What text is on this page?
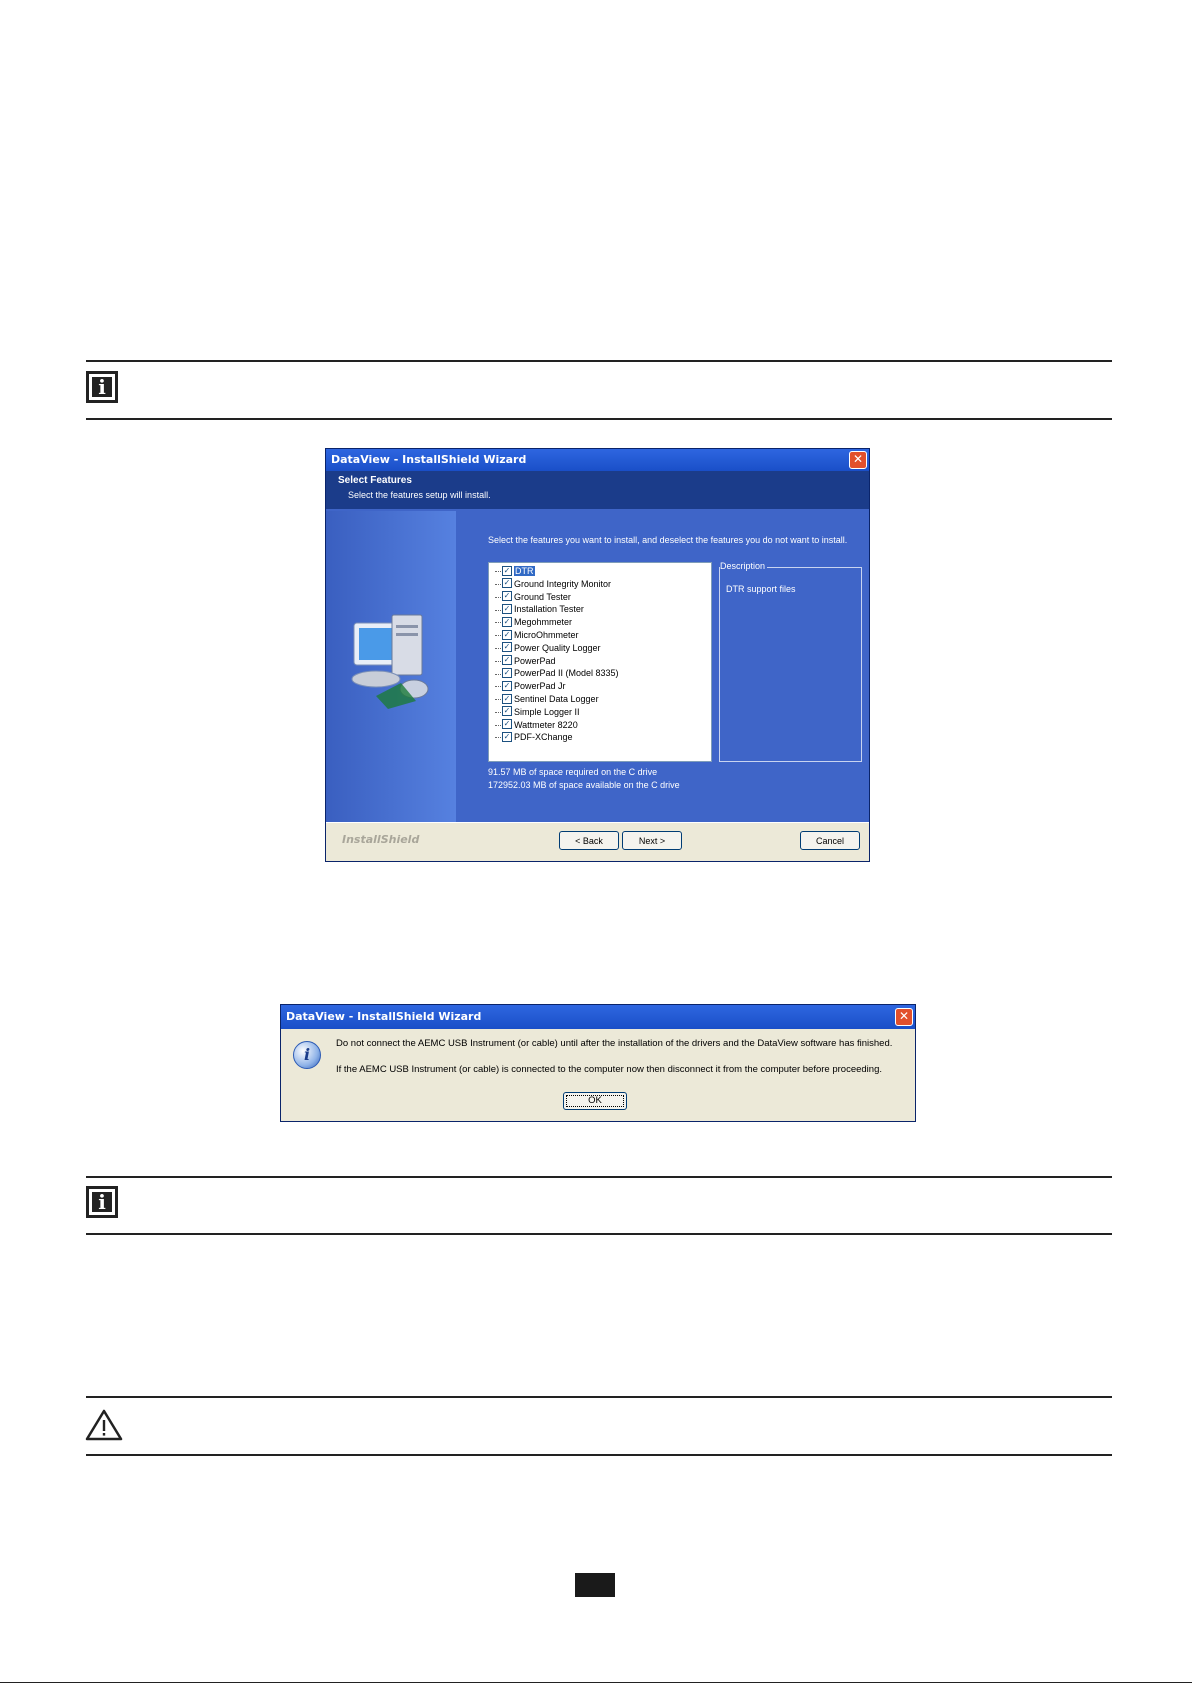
i
DataView - InstallShield Wizard	✕
Select Features
Select the features setup will install.
Select the features you want to install, and deselect the features you do not want to install.
✓ DTR
✓ Ground Integrity Monitor
✓ Ground Tester
✓ Installation Tester
✓ Megohmmeter
✓ MicroOhmmeter
✓ Power Quality Logger
✓ PowerPad
✓ PowerPad II (Model 8335)
✓ PowerPad Jr
✓ Sentinel Data Logger
✓ Simple Logger II
✓ Wattmeter 8220
✓ PDF-XChange
Description
DTR support files
91.57 MB of space required on the C drive
172952.03 MB of space available on the C drive
InstallShield	< Back	Next >	Cancel
DataView - InstallShield Wizard	✕
i
Do not connect the AEMC USB Instrument (or cable) until after the installation of the drivers and the DataView software has finished.
If the AEMC USB Instrument (or cable) is connected to the computer now then disconnect it from the computer before proceeding.
OK
i
